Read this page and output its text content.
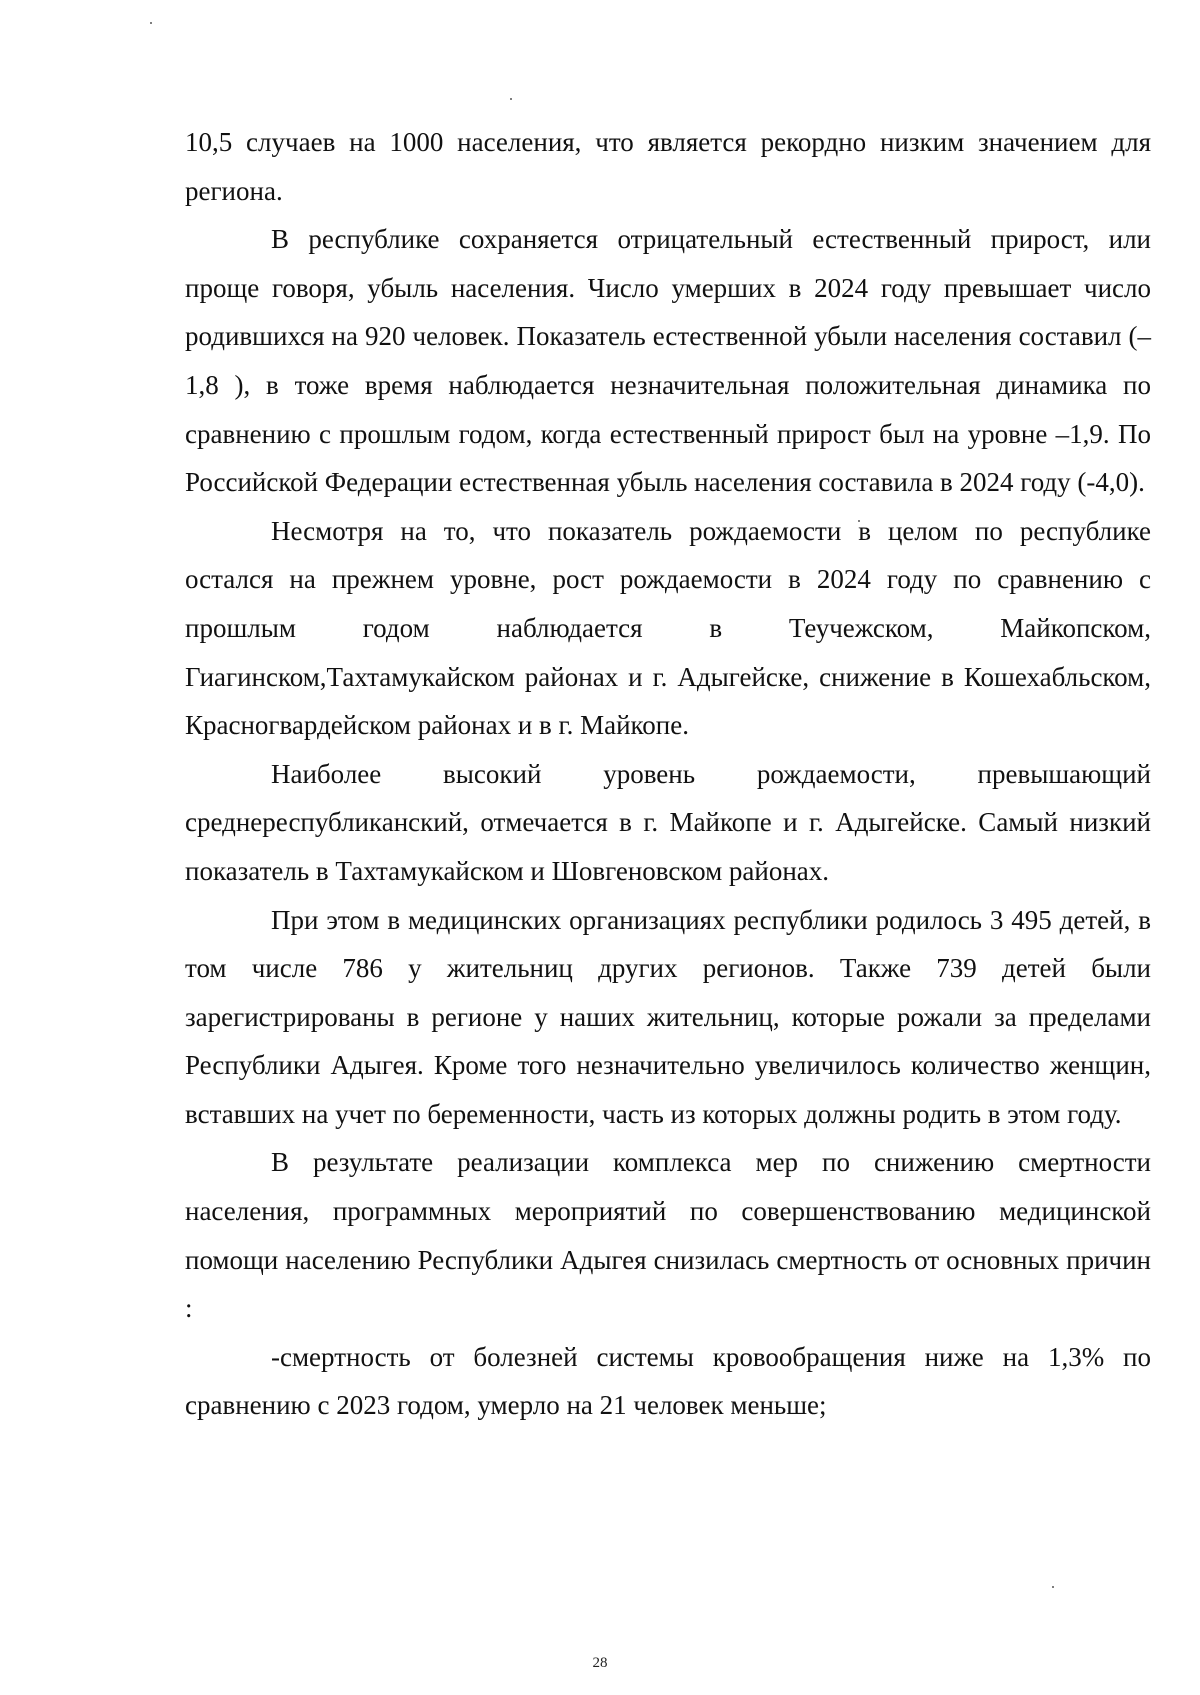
10,5 случаев на 1000 населения, что является рекордно низким значением для региона.

В республике сохраняется отрицательный естественный прирост, или проще говоря, убыль населения. Число умерших в 2024 году превышает число родившихся на 920 человек. Показатель естественной убыли населения составил (– 1,8 ), в тоже время наблюдается незначительная положительная динамика по сравнению с прошлым годом, когда естественный прирост был на уровне –1,9. По Российской Федерации естественная убыль населения составила в 2024 году (-4,0).

Несмотря на то, что показатель рождаемости в целом по республике остался на прежнем уровне, рост рождаемости в 2024 году по сравнению с прошлым годом наблюдается в Теучежском, Майкопском, Гиагинском,Тахтамукайском районах и г. Адыгейске, снижение в Кошехабльском, Красногвардейском районах и в г. Майкопе.

Наиболее высокий уровень рождаемости, превышающий среднереспубликанский, отмечается в г. Майкопе и г. Адыгейске. Самый низкий показатель в Тахтамукайском и Шовгеновском районах.

При этом в медицинских организациях республики родилось 3 495 детей, в том числе 786 у жительниц других регионов. Также 739 детей были зарегистрированы в регионе у наших жительниц, которые рожали за пределами Республики Адыгея. Кроме того незначительно увеличилось количество женщин, вставших на учет по беременности, часть из которых должны родить в этом году.

В результате реализации комплекса мер по снижению смертности населения, программных мероприятий по совершенствованию медицинской помощи населению Республики Адыгея снизилась смертность от основных причин :

-смертность от болезней системы кровообращения ниже на 1,3% по сравнению с 2023 годом, умерло на 21 человек меньше;

28
